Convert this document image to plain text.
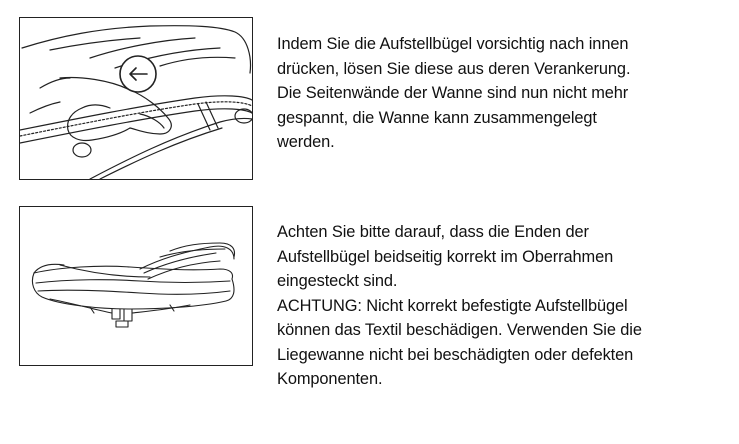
Indem Sie die Aufstellbügel vorsichtig nach innen

drücken, lösen Sie diese aus deren Verankerung.

Die Seitenwände der Wanne sind nun nicht mehr

gespannt, die Wanne kann zusammengelegt

werden.

Achten Sie bitte darauf, dass die Enden der

Aufstellbügel beidseitig korrekt im Oberrahmen

eingesteckt sind.

ACHTUNG: Nicht korrekt befestigte Aufstellbügel

können das Textil beschädigen. Verwenden Sie die

Liegewanne nicht bei beschädigten oder defekten

Komponenten.
